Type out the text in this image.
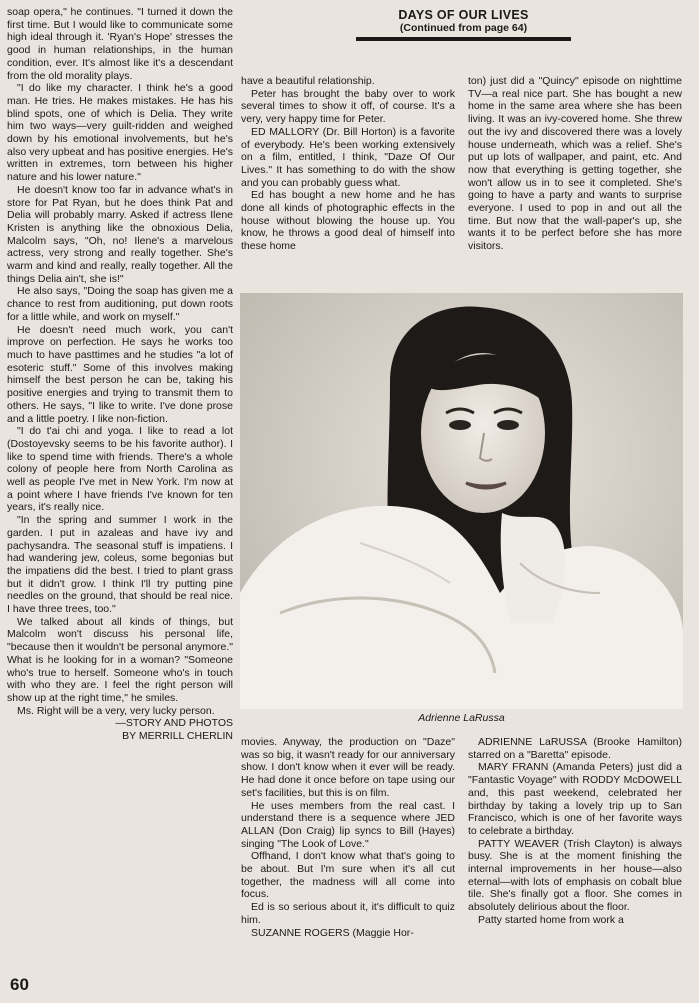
DAYS OF OUR LIVES
(Continued from page 64)

soap opera," he continues. "I turned it down the first time. But I would like to communicate some high ideal through it. 'Ryan's Hope' stresses the good in human relationships, in the human condition, ever. It's almost like it's a descendant from the old morality plays.

"I do like my character. I think he's a good man. He tries. He makes mistakes. He has his blind spots, one of which is Delia. They write him two ways—very guilt-ridden and weighed down by his emotional involvements, but he's also very upbeat and has positive energies. He's written in extremes, torn between his higher nature and his lower nature."

He doesn't know too far in advance what's in store for Pat Ryan, but he does think Pat and Delia will probably marry. Asked if actress Ilene Kristen is anything like the obnoxious Delia, Malcolm says, "Oh, no! Ilene's a marvelous actress, very strong and really together. She's warm and kind and really, really together. All the things Delia ain't, she is!"

He also says, "Doing the soap has given me a chance to rest from auditioning, put down roots for a little while, and work on myself."

He doesn't need much work, you can't improve on perfection. He says he works too much to have pasttimes and he studies "a lot of esoteric stuff." Some of this involves making himself the best person he can be, taking his positive energies and trying to transmit them to others. He says, "I like to write. I've done prose and a little poetry. I like non-fiction.

"I do t'ai chi and yoga. I like to read a lot (Dostoyevsky seems to be his favorite author). I like to spend time with friends. There's a whole colony of people here from North Carolina as well as people I've met in New York. I'm now at a point where I have friends I've known for ten years, it's really nice.

"In the spring and summer I work in the garden. I put in azaleas and have ivy and pachysandra. The seasonal stuff is impatiens. I had wandering jew, coleus, some begonias but the impatiens did the best. I tried to plant grass but it didn't grow. I think I'll try putting pine needles on the ground, that should be real nice. I have three trees, too."

We talked about all kinds of things, but Malcolm won't discuss his personal life, "because then it wouldn't be personal anymore." What is he looking for in a woman? "Someone who's true to herself. Someone who's in touch with who they are. I feel the right person will show up at the right time," he smiles.

Ms. Right will be a very, very lucky person.

—STORY AND PHOTOS
BY MERRILL CHERLIN

have a beautiful relationship.

Peter has brought the baby over to work several times to show it off, of course. It's a very, very happy time for Peter.

ED MALLORY (Dr. Bill Horton) is a favorite of everybody. He's been working extensively on a film, entitled, I think, "Daze Of Our Lives." It has something to do with the show and you can probably guess what.

Ed has bought a new home and he has done all kinds of photographic effects in the house without blowing the house up. You know, he throws a good deal of himself into these home

ton) just did a "Quincy" episode on nighttime TV—a real nice part. She has bought a new home in the same area where she has been living. It was an ivy-covered home. She threw out the ivy and discovered there was a lovely house underneath, which was a relief. She's put up lots of wallpaper, and paint, etc. And now that everything is getting together, she won't allow us in to see it completed. She's going to have a party and wants to surprise everyone. I used to pop in and out all the time. But now that the wall-paper's up, she wants it to be perfect before she has more visitors.

Adrienne LaRussa

movies. Anyway, the production on "Daze" was so big, it wasn't ready for our anniversary show. I don't know when it ever will be ready. He had done it once before on tape using our set's facilities, but this is on film.

He uses members from the real cast. I understand there is a sequence where JED ALLAN (Don Craig) lip syncs to Bill (Hayes) singing "The Look of Love."

Offhand, I don't know what that's going to be about. But I'm sure when it's all cut together, the madness will all come into focus.

Ed is so serious about it, it's difficult to quiz him.

SUZANNE ROGERS (Maggie Hor-

ADRIENNE LaRUSSA (Brooke Hamilton) starred on a "Baretta" episode.

MARY FRANN (Amanda Peters) just did a "Fantastic Voyage" with RODDY McDOWELL and, this past weekend, celebrated her birthday by taking a lovely trip up to San Francisco, which is one of her favorite ways to celebrate a birthday.

PATTY WEAVER (Trish Clayton) is always busy. She is at the moment finishing the internal improvements in her house—also eternal—with lots of emphasis on cobalt blue tile. She's finally got a floor. She comes in absolutely delirious about the floor.

Patty started home from work a

60
